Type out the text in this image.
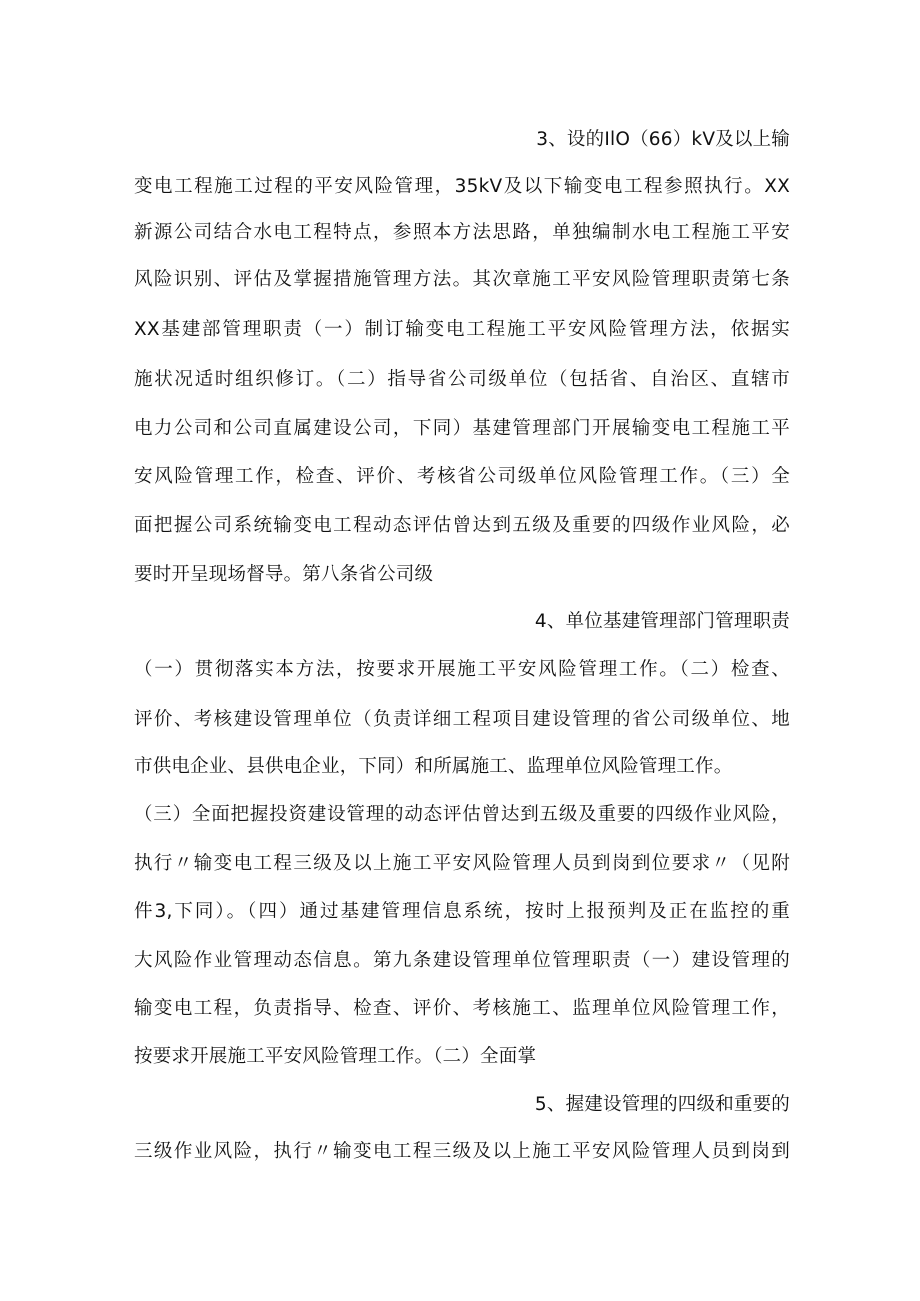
3、设的IlO（66）kV及以上输
变电工程施工过程的平安风险管理，35kV及以下输变电工程参照执行。XX
新源公司结合水电工程特点，参照本方法思路，单独编制水电工程施工平安
风险识别、评估及掌握措施管理方法。其次章施工平安风险管理职责第七条
XX基建部管理职责（一）制订输变电工程施工平安风险管理方法，依据实
施状况适时组织修订。（二）指导省公司级单位（包括省、自治区、直辖市
电力公司和公司直属建设公司，下同）基建管理部门开展输变电工程施工平
安风险管理工作，检查、评价、考核省公司级单位风险管理工作。（三）全
面把握公司系统输变电工程动态评估曾达到五级及重要的四级作业风险，必
要时开呈现场督导。第八条省公司级
4、单位基建管理部门管理职责
（一）贯彻落实本方法，按要求开展施工平安风险管理工作。（二）检查、
评价、考核建设管理单位（负责详细工程项目建设管理的省公司级单位、地
市供电企业、县供电企业，下同）和所属施工、监理单位风险管理工作。
（三）全面把握投资建设管理的动态评估曾达到五级及重要的四级作业风险，
执行〃输变电工程三级及以上施工平安风险管理人员到岗到位要求〃（见附
件3,下同）。（四）通过基建管理信息系统，按时上报预判及正在监控的重
大风险作业管理动态信息。第九条建设管理单位管理职责（一）建设管理的
输变电工程，负责指导、检查、评价、考核施工、监理单位风险管理工作，
按要求开展施工平安风险管理工作。（二）全面掌
5、握建设管理的四级和重要的
三级作业风险，执行〃输变电工程三级及以上施工平安风险管理人员到岗到
